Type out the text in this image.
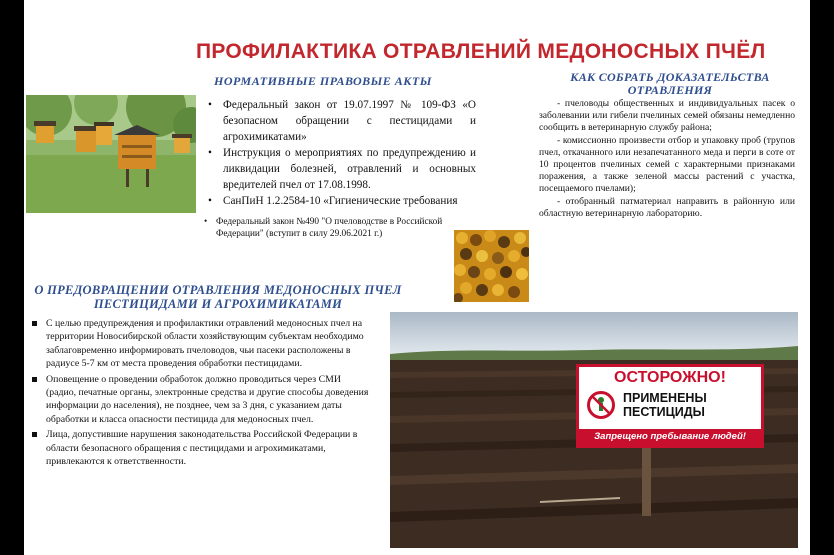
ПРОФИЛАКТИКА ОТРАВЛЕНИЙ МЕДОНОСНЫХ ПЧЁЛ
НОРМАТИВНЫЕ ПРАВОВЫЕ АКТЫ
• Федеральный закон от 19.07.1997 № 109-ФЗ «О безопасном обращении с пестицидами и агрохимикатами»
• Инструкция о мероприятиях по предупреждению и ликвидации болезней, отравлений и основных вредителей пчел от 17.08.1998.
• СанПиН 1.2.2584-10 «Гигиенические требования
• Федеральный закон №490 "О пчеловодстве в Российской Федерации" (вступит в силу 29.06.2021 г.)
КАК СОБРАТЬ ДОКАЗАТЕЛЬСТВА ОТРАВЛЕНИЯ

- пчеловоды общественных и индивидуальных пасек о заболевании или гибели пчелиных семей обязаны немедленно сообщить в ветеринарную службу района;

- комиссионно произвести отбор и упаковку проб (трупов пчел, откачанного или незапечатанного меда и перги в соте от 10 процентов пчелиных семей с характерными признаками поражения, а также зеленой массы растений с участка, посещаемого пчелами);

- отобранный патматериал направить в районную или областную ветеринарную лабораторию.

О ПРЕДОВРАЩЕНИИ ОТРАВЛЕНИЯ МЕДОНОСНЫХ ПЧЕЛ ПЕСТИЦИДАМИ И АГРОХИМИКАТАМИ
С целью предупреждения и профилактики отравлений медоносных пчел на территории Новосибирской области хозяйствующим субъектам необходимо заблаговременно информировать пчеловодов, чьи пасеки расположены в радиусе 5-7 км от места проведения обработки пестицидами.
Оповещение о проведении обработок должно проводиться через СМИ (радио, печатные органы, электронные средства и другие способы доведения информации до населения), не позднее, чем за 3 дня, с указанием даты обработки и класса опасности пестицида для медоносных пчел.
Лица, допустившие нарушения законодательства Российской Федерации в области безопасного обращения с пестицидами и агрохимикатами, привлекаются к ответственности.
ОСТОРОЖНО!
ПРИМЕНЕНЫ
ПЕСТИЦИДЫ
Запрещено пребывание людей!
